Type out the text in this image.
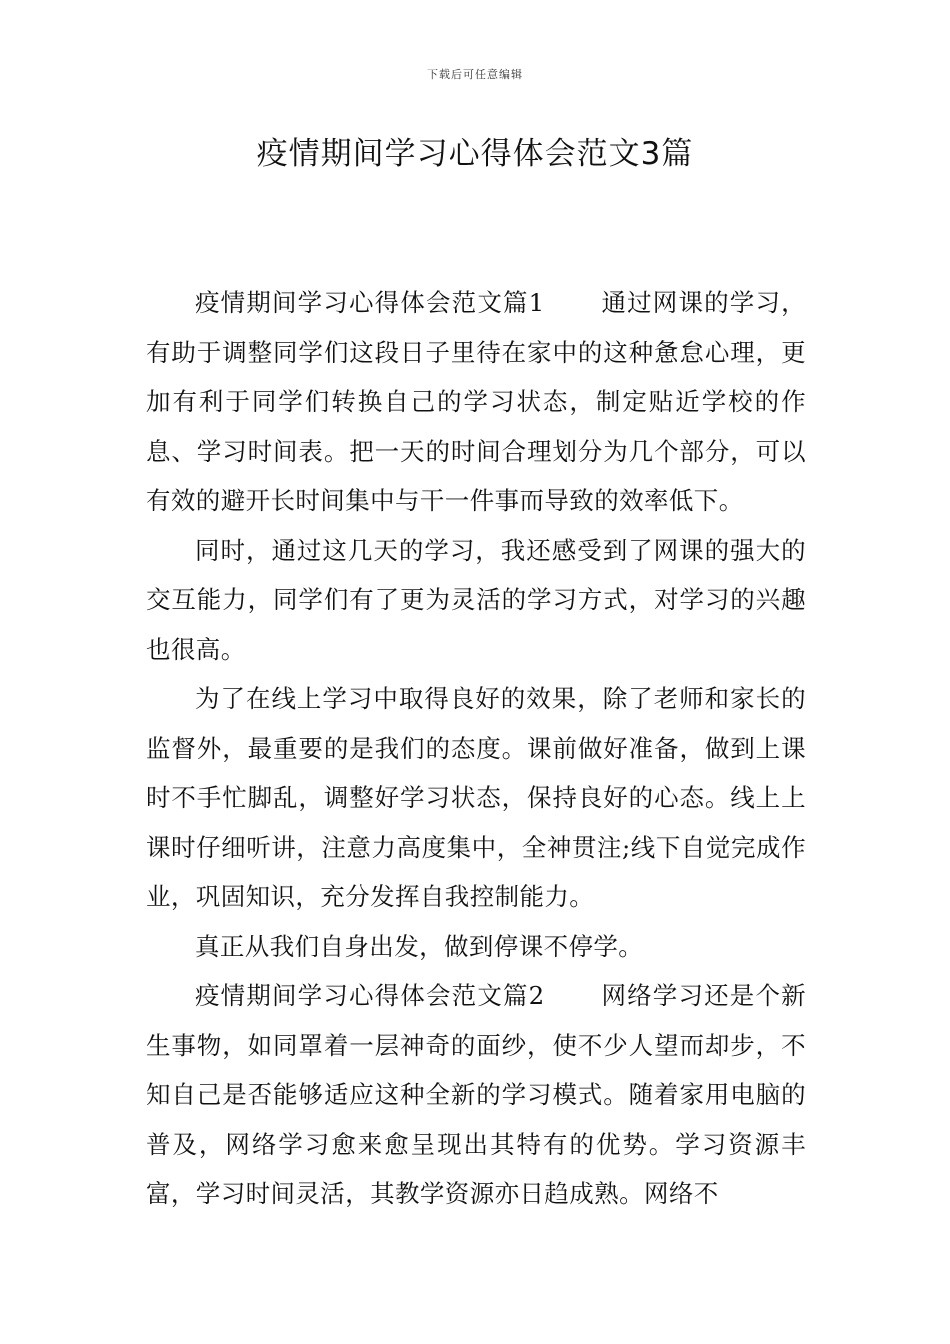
下载后可任意编辑
疫情期间学习心得体会范文3篇

疫情期间学习心得体会范文篇1 通过网课的学习，有助于调整同学们这段日子里待在家中的这种惫怠心理，更加有利于同学们转换自己的学习状态，制定贴近学校的作息、学习时间表。把一天的时间合理划分为几个部分，可以有效的避开长时间集中与干一件事而导致的效率低下。

同时，通过这几天的学习，我还感受到了网课的强大的交互能力，同学们有了更为灵活的学习方式，对学习的兴趣也很高。

为了在线上学习中取得良好的效果，除了老师和家长的监督外，最重要的是我们的态度。课前做好准备，做到上课时不手忙脚乱，调整好学习状态，保持良好的心态。线上上课时仔细听讲，注意力高度集中，全神贯注;线下自觉完成作业，巩固知识，充分发挥自我控制能力。

真正从我们自身出发，做到停课不停学。

疫情期间学习心得体会范文篇2 网络学习还是个新生事物，如同罩着一层神奇的面纱，使不少人望而却步，不知自己是否能够适应这种全新的学习模式。随着家用电脑的普及，网络学习愈来愈呈现出其特有的优势。学习资源丰富，学习时间灵活，其教学资源亦日趋成熟。网络不
